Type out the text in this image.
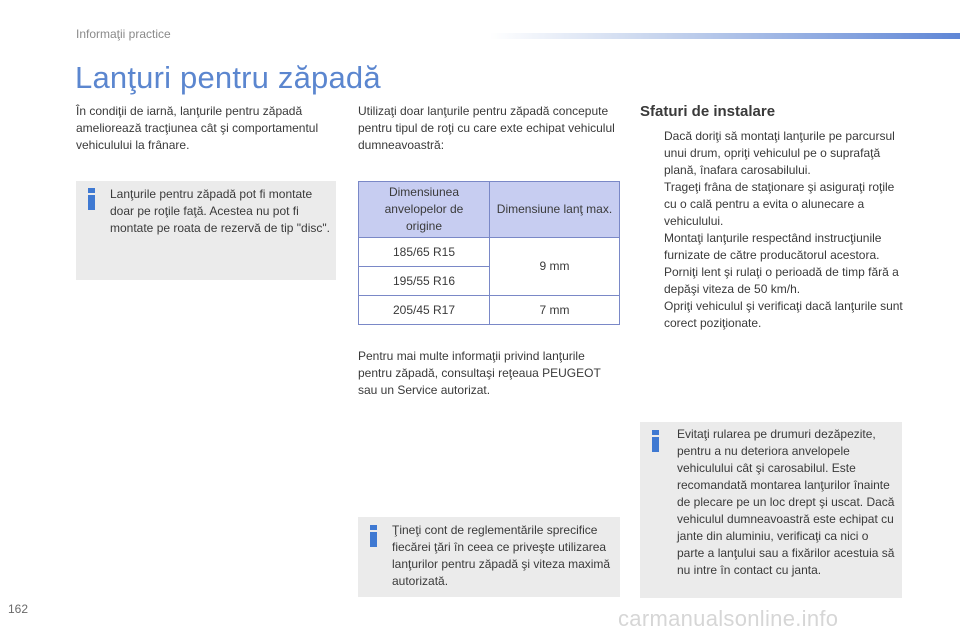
Informaţii practice
Lanţuri pentru zăpadă

În condiţii de iarnă, lanţurile pentru zăpadă ameliorează tracţiunea cât şi comportamentul vehiculului la frânare.

Lanţurile pentru zăpadă pot fi montate doar pe roţile faţă. Acestea nu pot fi montate pe roata de rezervă de tip "disc".

Utilizaţi doar lanţurile pentru zăpadă concepute pentru tipul de roţi cu care exte echipat vehiculul dumneavoastră:

Dimensiunea anvelopelor de origine	Dimensiune lanţ max.
185/65 R15	9 mm
195/55 R16	
205/45 R17	7 mm

Pentru mai multe informaţii privind lanţurile pentru zăpadă, consultaşi reţeaua PEUGEOT sau un Service autorizat.

Ţineţi cont de reglementările sprecifice fiecărei ţări în ceea ce priveşte utilizarea lanţurilor pentru zăpadă şi viteza maximă autorizată.

Sfaturi de instalare
Dacă doriţi să montaţi lanţurile pe parcursul unui drum, opriţi vehiculul pe o suprafaţă plană, înafara carosabilului.
Trageţi frâna de staţionare şi asiguraţi roţile cu o cală pentru a evita o alunecare a vehiculului.
Montaţi lanţurile respectând instrucţiunile furnizate de către producătorul acestora.
Porniţi lent şi rulaţi o perioadă de timp fără a depăşi viteza de 50 km/h.
Opriţi vehiculul şi verificaţi dacă lanţurile sunt corect poziţionate.

Evitaţi rularea pe drumuri dezăpezite, pentru a nu deteriora anvelopele vehiculului cât şi carosabilul. Este recomandată montarea lanţurilor înainte de plecare pe un loc drept şi uscat. Dacă vehiculul dumneavoastră este echipat cu jante din aluminiu, verificaţi ca nici o parte a lanţului sau a fixărilor acestuia să nu intre în contact cu janta.

162	carmanualsonline.info
